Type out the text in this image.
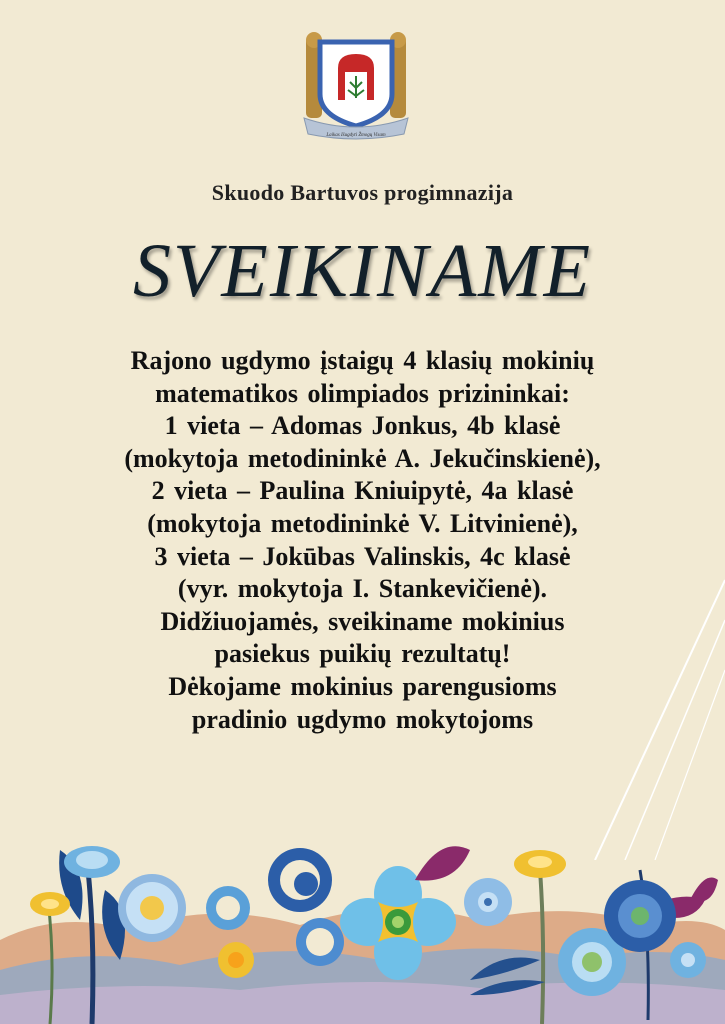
Laikas Išugdyti Žmogų Visam
Skuodo Bartuvos progimnazija
SVEIKINAME
Rajono ugdymo įstaigų 4 klasių mokinių
matematikos olimpiados prizininkai:
1 vieta – Adomas Jonkus, 4b klasė
(mokytoja metodininkė A. Jekučinskienė),
2 vieta – Paulina Kniuipytė, 4a klasė
(mokytoja metodininkė V. Litvinienė),
3 vieta – Jokūbas Valinskis, 4c klasė
(vyr. mokytoja I. Stankevičienė).
Didžiuojamės, sveikiname mokinius
pasiekus puikių rezultatų!
Dėkojame mokinius parengusioms
pradinio ugdymo mokytojoms
